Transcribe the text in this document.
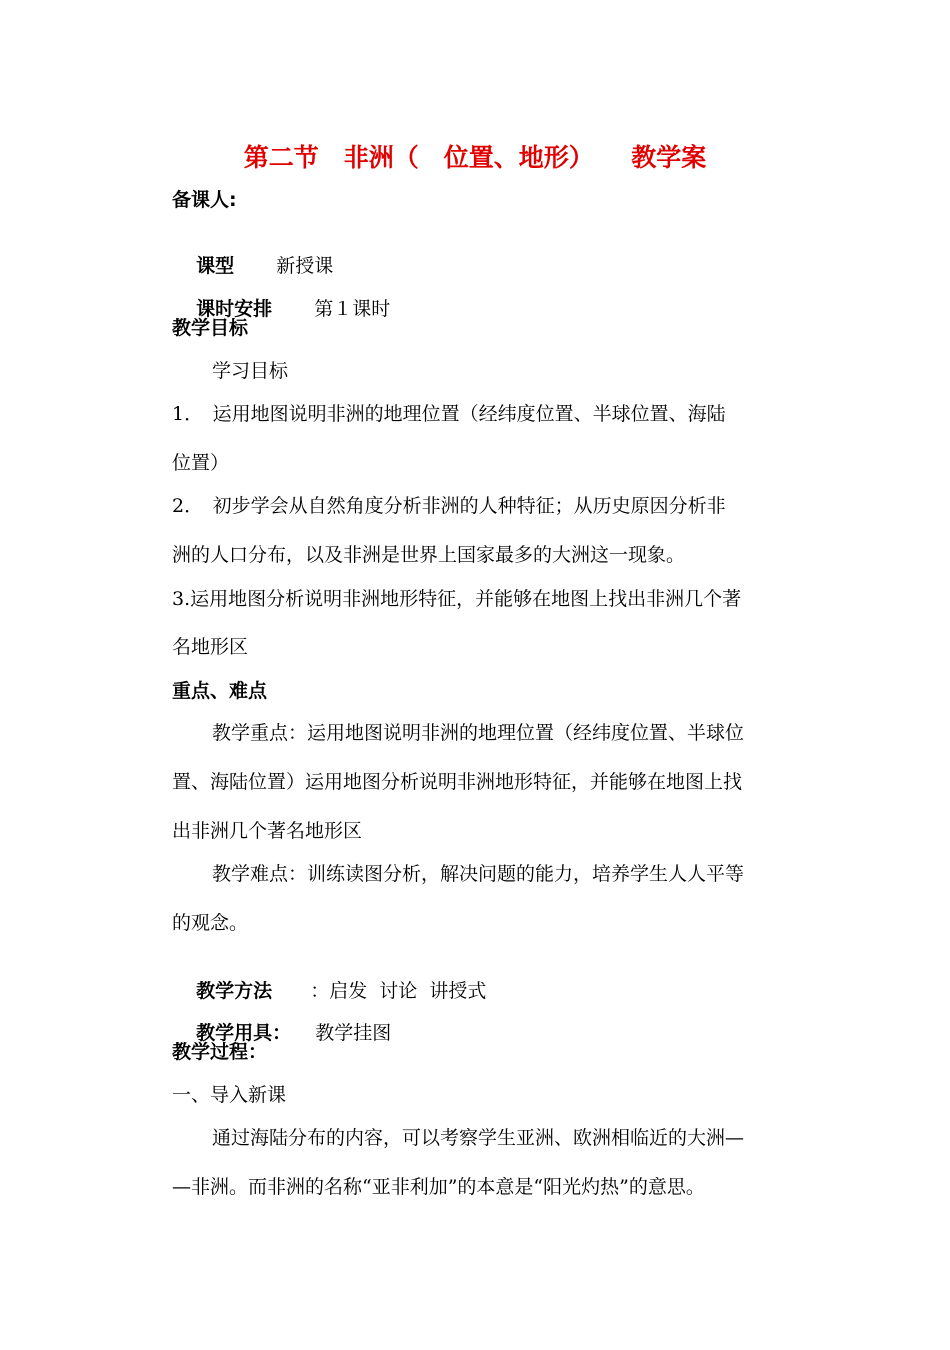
第二节　非洲（　位置、地形）　　教学案
备课人:

课型 新授课

课时安排 第１课时

教学目标
学习目标
1．　运用地图说明非洲的地理位置（经纬度位置、半球位置、海陆
位置）
2．　初步学会从自然角度分析非洲的人种特征；从历史原因分析非
洲的人口分布，以及非洲是世界上国家最多的大洲这一现象。
3.运用地图分析说明非洲地形特征，并能够在地图上找出非洲几个著
名地形区
重点、难点
教学重点：运用地图说明非洲的地理位置（经纬度位置、半球位
置、海陆位置）运用地图分析说明非洲地形特征，并能够在地图上找
出非洲几个著名地形区
教学难点：训练读图分析，解决问题的能力，培养学生人人平等
的观念。

教学方法 ：启发  讨论  讲授式

教学用具： 教学挂图

教学过程：
一、导入新课
通过海陆分布的内容，可以考察学生亚洲、欧洲相临近的大洲—
—非洲。而非洲的名称“亚非利加”的本意是“阳光灼热”的意思。
